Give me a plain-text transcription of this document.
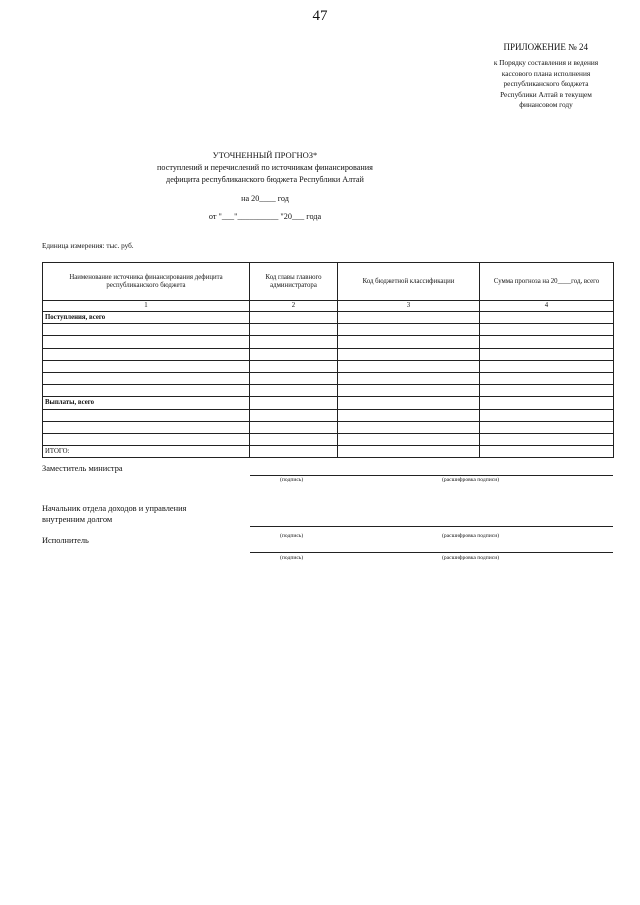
47
ПРИЛОЖЕНИЕ № 24
к Порядку составления и ведения
кассового плана исполнения
республиканского бюджета
Республики Алтай в текущем
финансовом году
УТОЧНЕННЫЙ ПРОГНОЗ*
поступлений и перечислений по источникам финансирования
дефицита республиканского бюджета Республики Алтай
на 20____ год
от "___"__________ "20___ года
Единица измерения: тыс. руб.
Наименование источника финансирования дефицита республиканского бюджета	Код главы главного администратора	Код бюджетной классификации	Сумма прогноза на 20____год, всего
1	2	3	4
Поступления, всего			

Выплаты, всего			

ИТОГО:			
Заместитель министра
(подпись)	(расшифровка подписи)
Начальник отдела доходов и управления
внутренним долгом
(подпись)	(расшифровка подписи)
Исполнитель
(подпись)	(расшифровка подписи)
